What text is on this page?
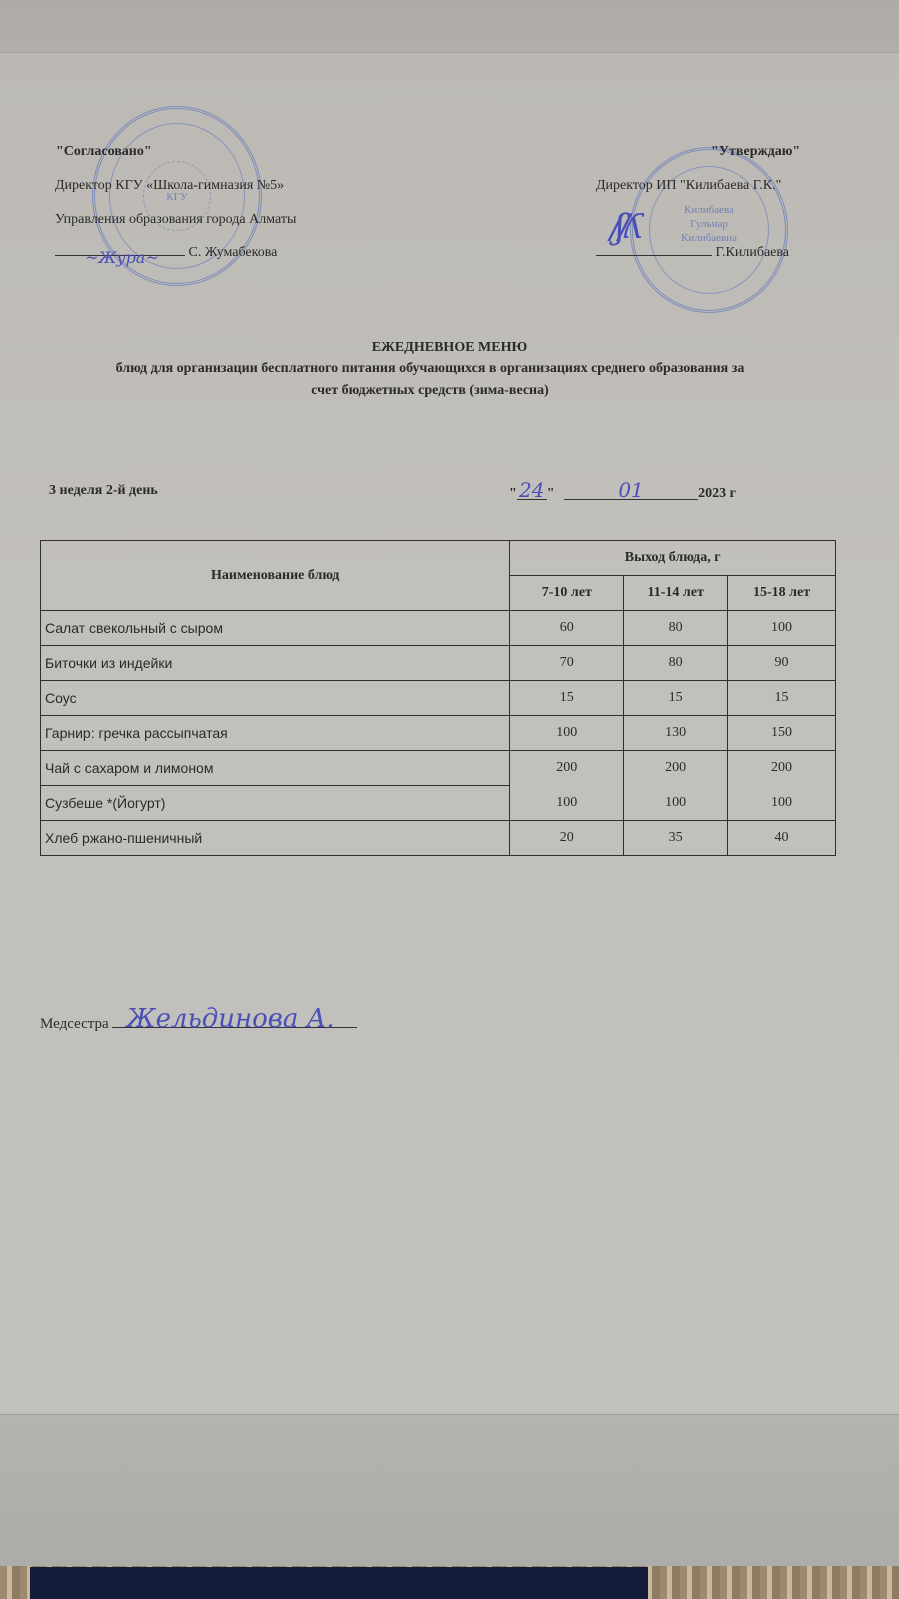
КГУ
Килибаева
Гульнар
Килибаевна
"Согласовано"
Директор КГУ «Школа-гимназия №5»
Управления образования города Алматы
~Жура~ С. Жумабекова
"Утверждаю"
Директор ИП "Килибаева Г.К."
/ʃ/ʎ
Г.Килибаева
ЕЖЕДНЕВНОЕ МЕНЮ
блюд для организации бесплатного питания обучающихся в организациях среднего образования за
счет бюджетных средств (зима-весна)
3 неделя 2-й день	" 24 "	01	2023 г
Наименование блюд	Выход блюда, г		
	7-10 лет	11-14 лет	15-18 лет
Салат свекольный с сыром	60	80	100
Биточки из индейки	70	80	90
Соус	15	15	15
Гарнир: гречка рассыпчатая	100	130	150
Чай с сахаром и лимоном	200	200	200
Сузбеше *(Йогурт)	100	100	100
Хлеб ржано-пшеничный	20	35	40
Медсестра Жельдинова А.
